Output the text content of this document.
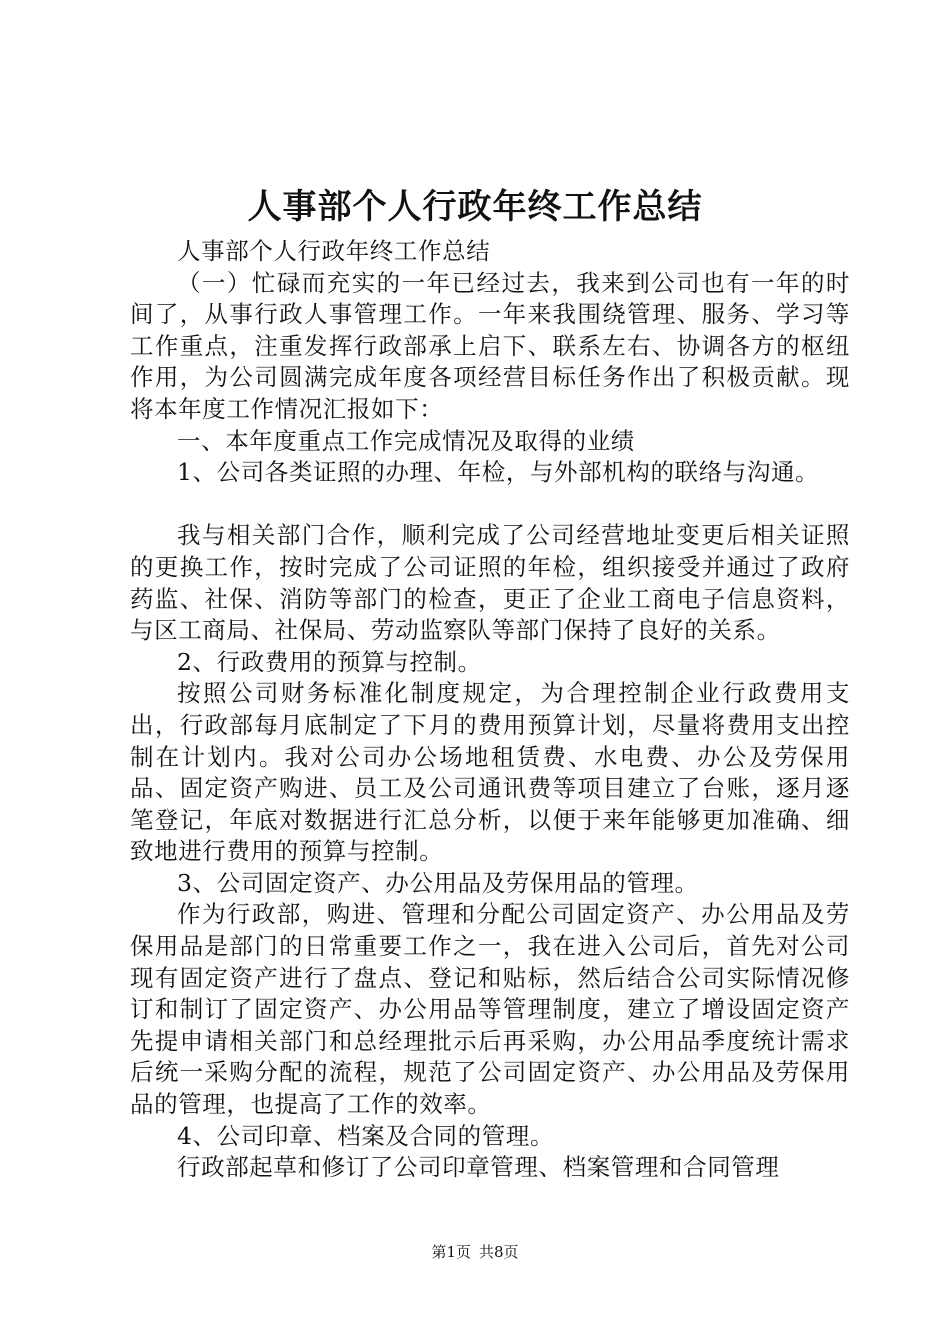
人事部个人行政年终工作总结

人事部个人行政年终工作总结

（一）忙碌而充实的一年已经过去，我来到公司也有一年的时间了，从事行政人事管理工作。一年来我围绕管理、服务、学习等工作重点，注重发挥行政部承上启下、联系左右、协调各方的枢纽作用，为公司圆满完成年度各项经营目标任务作出了积极贡献。现将本年度工作情况汇报如下：

一、本年度重点工作完成情况及取得的业绩

1、公司各类证照的办理、年检，与外部机构的联络与沟通。

我与相关部门合作，顺利完成了公司经营地址变更后相关证照的更换工作，按时完成了公司证照的年检，组织接受并通过了政府药监、社保、消防等部门的检查，更正了企业工商电子信息资料，与区工商局、社保局、劳动监察队等部门保持了良好的关系。

2、行政费用的预算与控制。

按照公司财务标准化制度规定，为合理控制企业行政费用支出，行政部每月底制定了下月的费用预算计划，尽量将费用支出控制在计划内。我对公司办公场地租赁费、水电费、办公及劳保用品、固定资产购进、员工及公司通讯费等项目建立了台账，逐月逐笔登记，年底对数据进行汇总分析，以便于来年能够更加准确、细致地进行费用的预算与控制。

3、公司固定资产、办公用品及劳保用品的管理。

作为行政部，购进、管理和分配公司固定资产、办公用品及劳保用品是部门的日常重要工作之一，我在进入公司后，首先对公司现有固定资产进行了盘点、登记和贴标，然后结合公司实际情况修订和制订了固定资产、办公用品等管理制度，建立了增设固定资产先提申请相关部门和总经理批示后再采购，办公用品季度统计需求后统一采购分配的流程，规范了公司固定资产、办公用品及劳保用品的管理，也提高了工作的效率。

4、公司印章、档案及合同的管理。

行政部起草和修订了公司印章管理、档案管理和合同管理

第1页 共8页
